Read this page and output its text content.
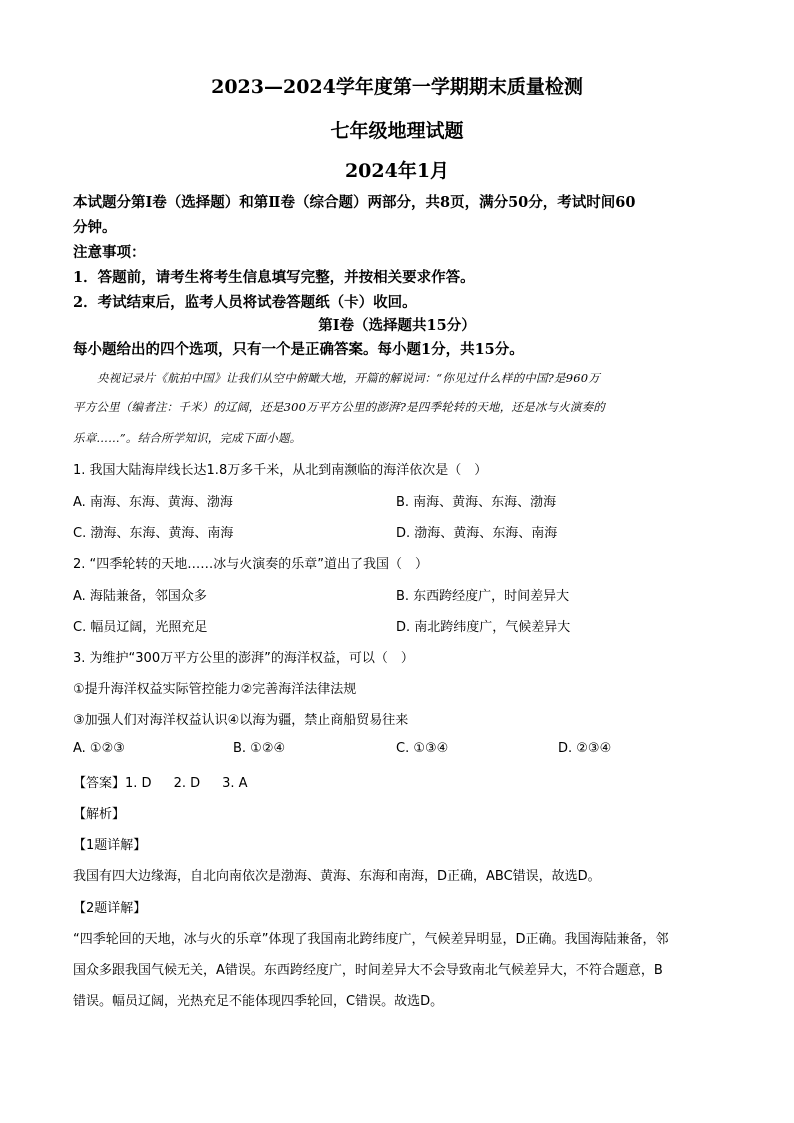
2023—2024学年度第一学期期末质量检测
七年级地理试题
2024年1月
本试题分第Ⅰ卷（选择题）和第Ⅱ卷（综合题）两部分，共8页，满分50分，考试时间60
分钟。
注意事项：
1．答题前，请考生将考生信息填写完整，并按相关要求作答。
2．考试结束后，监考人员将试卷答题纸（卡）收回。
第Ⅰ卷（选择题共15分）
每小题给出的四个选项，只有一个是正确答案。每小题1分，共15分。
央视记录片《航拍中国》让我们从空中俯瞰大地，开篇的解说词：“你见过什么样的中国?是960万
平方公里（编者注：千米）的辽阔，还是300万平方公里的澎湃?是四季轮转的天地，还是冰与火演奏的
乐章……”。结合所学知识，完成下面小题。
1. 我国大陆海岸线长达1.8万多千米，从北到南濒临的海洋依次是（　）
A. 南海、东海、黄海、渤海	B. 南海、黄海、东海、渤海
C. 渤海、东海、黄海、南海	D. 渤海、黄海、东海、南海
2. “四季轮转的天地……冰与火演奏的乐章”道出了我国（　）
A. 海陆兼备，邻国众多	B. 东西跨经度广，时间差异大
C. 幅员辽阔，光照充足	D. 南北跨纬度广，气候差异大
3. 为维护“300万平方公里的澎湃”的海洋权益，可以（　）
①提升海洋权益实际管控能力②完善海洋法律法规
③加强人们对海洋权益认识④以海为疆，禁止商船贸易往来
A. ①②③	B. ①②④	C. ①③④	D. ②③④
【答案】1. D 2. D 3. A
【解析】
【1题详解】
我国有四大边缘海，自北向南依次是渤海、黄海、东海和南海，D正确，ABC错误，故选D。
【2题详解】
“四季轮回的天地，冰与火的乐章”体现了我国南北跨纬度广，气候差异明显，D正确。我国海陆兼备，邻
国众多跟我国气候无关，A错误。东西跨经度广，时间差异大不会导致南北气候差异大，不符合题意，B
错误。幅员辽阔，光热充足不能体现四季轮回，C错误。故选D。
